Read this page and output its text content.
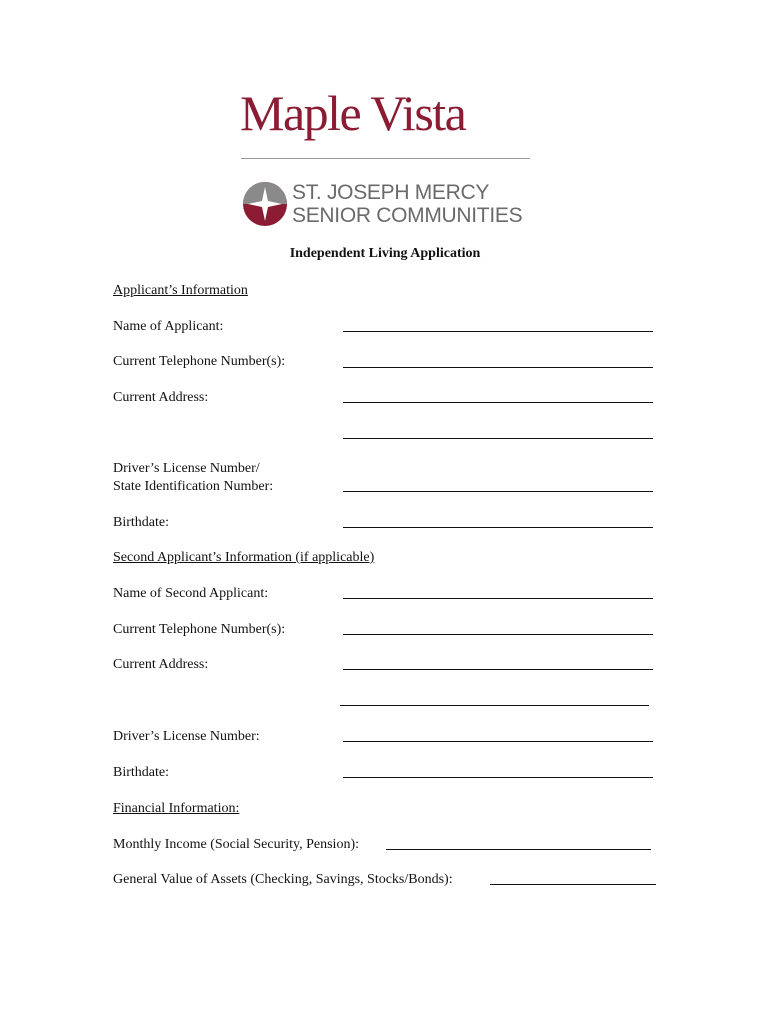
Maple Vista
ST. JOSEPH MERCY
SENIOR COMMUNITIES
Independent Living Application
Applicant’s Information
Name of Applicant:
Current Telephone Number(s):
Current Address:
Driver’s License Number/
State Identification Number:
Birthdate:
Second Applicant’s Information (if applicable)
Name of Second Applicant:
Current Telephone Number(s):
Current Address:
Driver’s License Number:
Birthdate:
Financial Information:
Monthly Income (Social Security, Pension):
General Value of Assets (Checking, Savings, Stocks/Bonds):
